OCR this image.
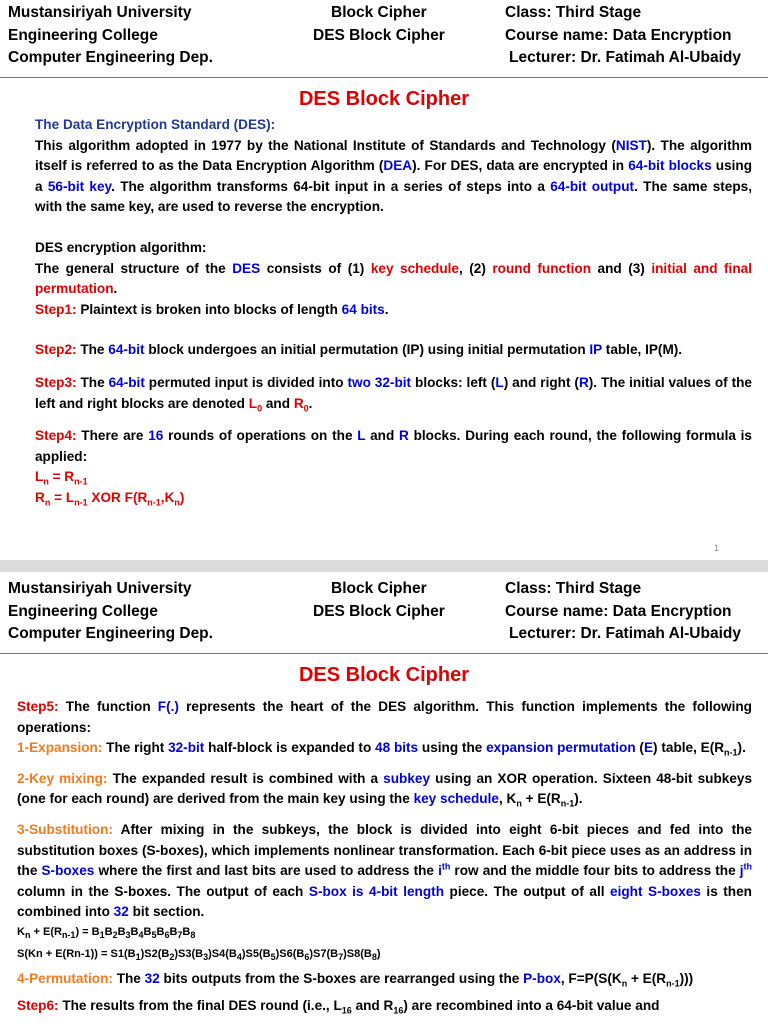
Mustansiriyah University
Engineering College
Computer Engineering Dep.
Block Cipher
DES Block Cipher
Class: Third Stage
Course name: Data Encryption
Lecturer: Dr. Fatimah Al-Ubaidy
DES Block Cipher

The Data Encryption Standard (DES):

This algorithm adopted in 1977 by the National Institute of Standards and Technology (NIST). The algorithm itself is referred to as the Data Encryption Algorithm (DEA). For DES, data are encrypted in 64-bit blocks using a 56-bit key. The algorithm transforms 64-bit input in a series of steps into a 64-bit output. The same steps, with the same key, are used to reverse the encryption.

DES encryption algorithm:

The general structure of the DES consists of (1) key schedule, (2) round function and (3) initial and final permutation.

Step1: Plaintext is broken into blocks of length 64 bits.

Step2: The 64-bit block undergoes an initial permutation (IP) using initial permutation IP table, IP(M).

Step3: The 64-bit permuted input is divided into two 32-bit blocks: left (L) and right (R). The initial values of the left and right blocks are denoted $L_0$ and $R_0$.

Step4: There are 16 rounds of operations on the L and R blocks. During each round, the following formula is applied:

$L_n = R_{n-1}$

$R_n = L_{n-1}$ XOR $F(R_{n-1},K_n)$

1
Mustansiriyah University
Engineering College
Computer Engineering Dep.
Block Cipher
DES Block Cipher
Class: Third Stage
Course name: Data Encryption
Lecturer: Dr. Fatimah Al-Ubaidy
DES Block Cipher

Step5: The function F(.) represents the heart of the DES algorithm. This function implements the following operations:

1-Expansion: The right 32-bit half-block is expanded to 48 bits using the expansion permutation (E) table, $E(R_{n-1})$.

2-Key mixing: The expanded result is combined with a subkey using an XOR operation. Sixteen 48-bit subkeys (one for each round) are derived from the main key using the key schedule, $K_n + E(R_{n-1})$.

3-Substitution: After mixing in the subkeys, the block is divided into eight 6-bit pieces and fed into the substitution boxes (S-boxes), which implements nonlinear transformation. Each 6-bit piece uses as an address in the S-boxes where the first and last bits are used to address the $i^{th}$ row and the middle four bits to address the $j^{th}$ column in the S-boxes. The output of each S-box is 4-bit length piece. The output of all eight S-boxes is then combined into 32 bit section.

$K_n + E(R_{n-1}) = B_1B_2B_3B_4B_5B_6B_7B_8$

$S(Kn + E(Rn-1)) = S1(B_1)S2(B_2)S3(B_3)S4(B_4)S5(B_5)S6(B_6)S7(B_7)S8(B_8)$

4-Permutation: The 32 bits outputs from the S-boxes are rearranged using the P-box, $F=P(S(K_n + E(R_{n-1})))$

Step6: The results from the final DES round (i.e., $L_{16}$ and $R_{16}$) are recombined into a 64-bit value and
